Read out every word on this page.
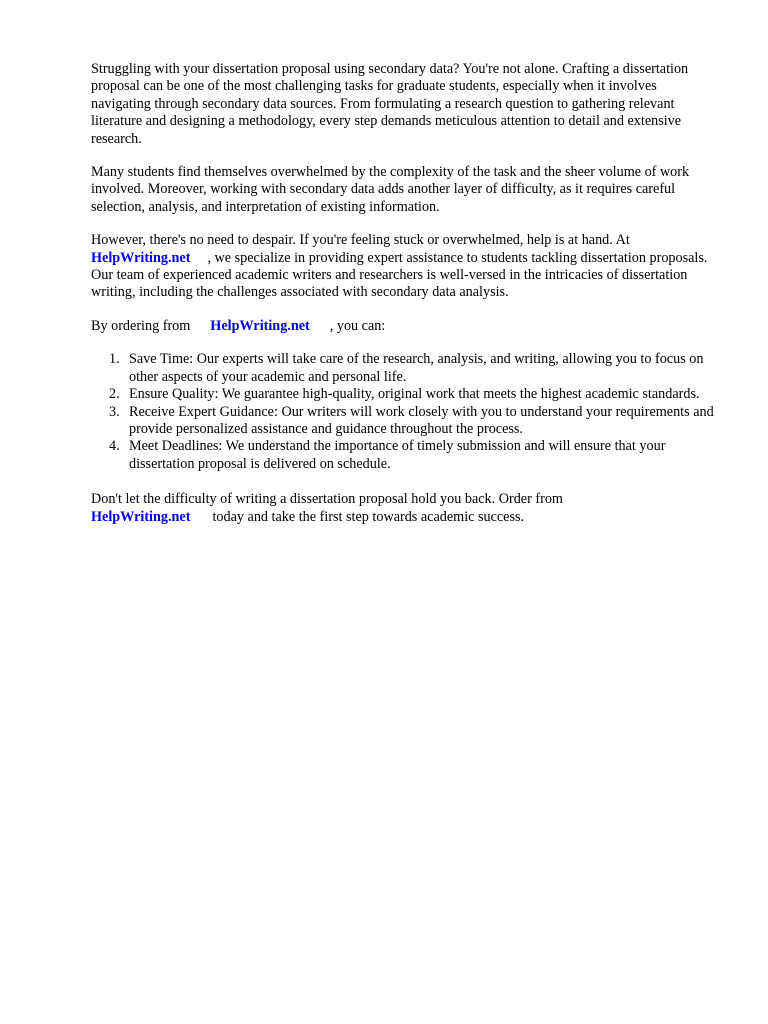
Struggling with your dissertation proposal using secondary data? You're not alone. Crafting a dissertation proposal can be one of the most challenging tasks for graduate students, especially when it involves navigating through secondary data sources. From formulating a research question to gathering relevant literature and designing a methodology, every step demands meticulous attention to detail and extensive research.

Many students find themselves overwhelmed by the complexity of the task and the sheer volume of work involved. Moreover, working with secondary data adds another layer of difficulty, as it requires careful selection, analysis, and interpretation of existing information.

However, there's no need to despair. If you're feeling stuck or overwhelmed, help is at hand. At
HelpWriting.net , we specialize in providing expert assistance to students tackling dissertation proposals. Our team of experienced academic writers and researchers is well-versed in the intricacies of dissertation writing, including the challenges associated with secondary data analysis.

By ordering from HelpWriting.net , you can:

1. Save Time: Our experts will take care of the research, analysis, and writing, allowing you to focus on other aspects of your academic and personal life.
2. Ensure Quality: We guarantee high-quality, original work that meets the highest academic standards.
3. Receive Expert Guidance: Our writers will work closely with you to understand your requirements and provide personalized assistance and guidance throughout the process.
4. Meet Deadlines: We understand the importance of timely submission and will ensure that your dissertation proposal is delivered on schedule.

Don't let the difficulty of writing a dissertation proposal hold you back. Order from
HelpWriting.net today and take the first step towards academic success.
